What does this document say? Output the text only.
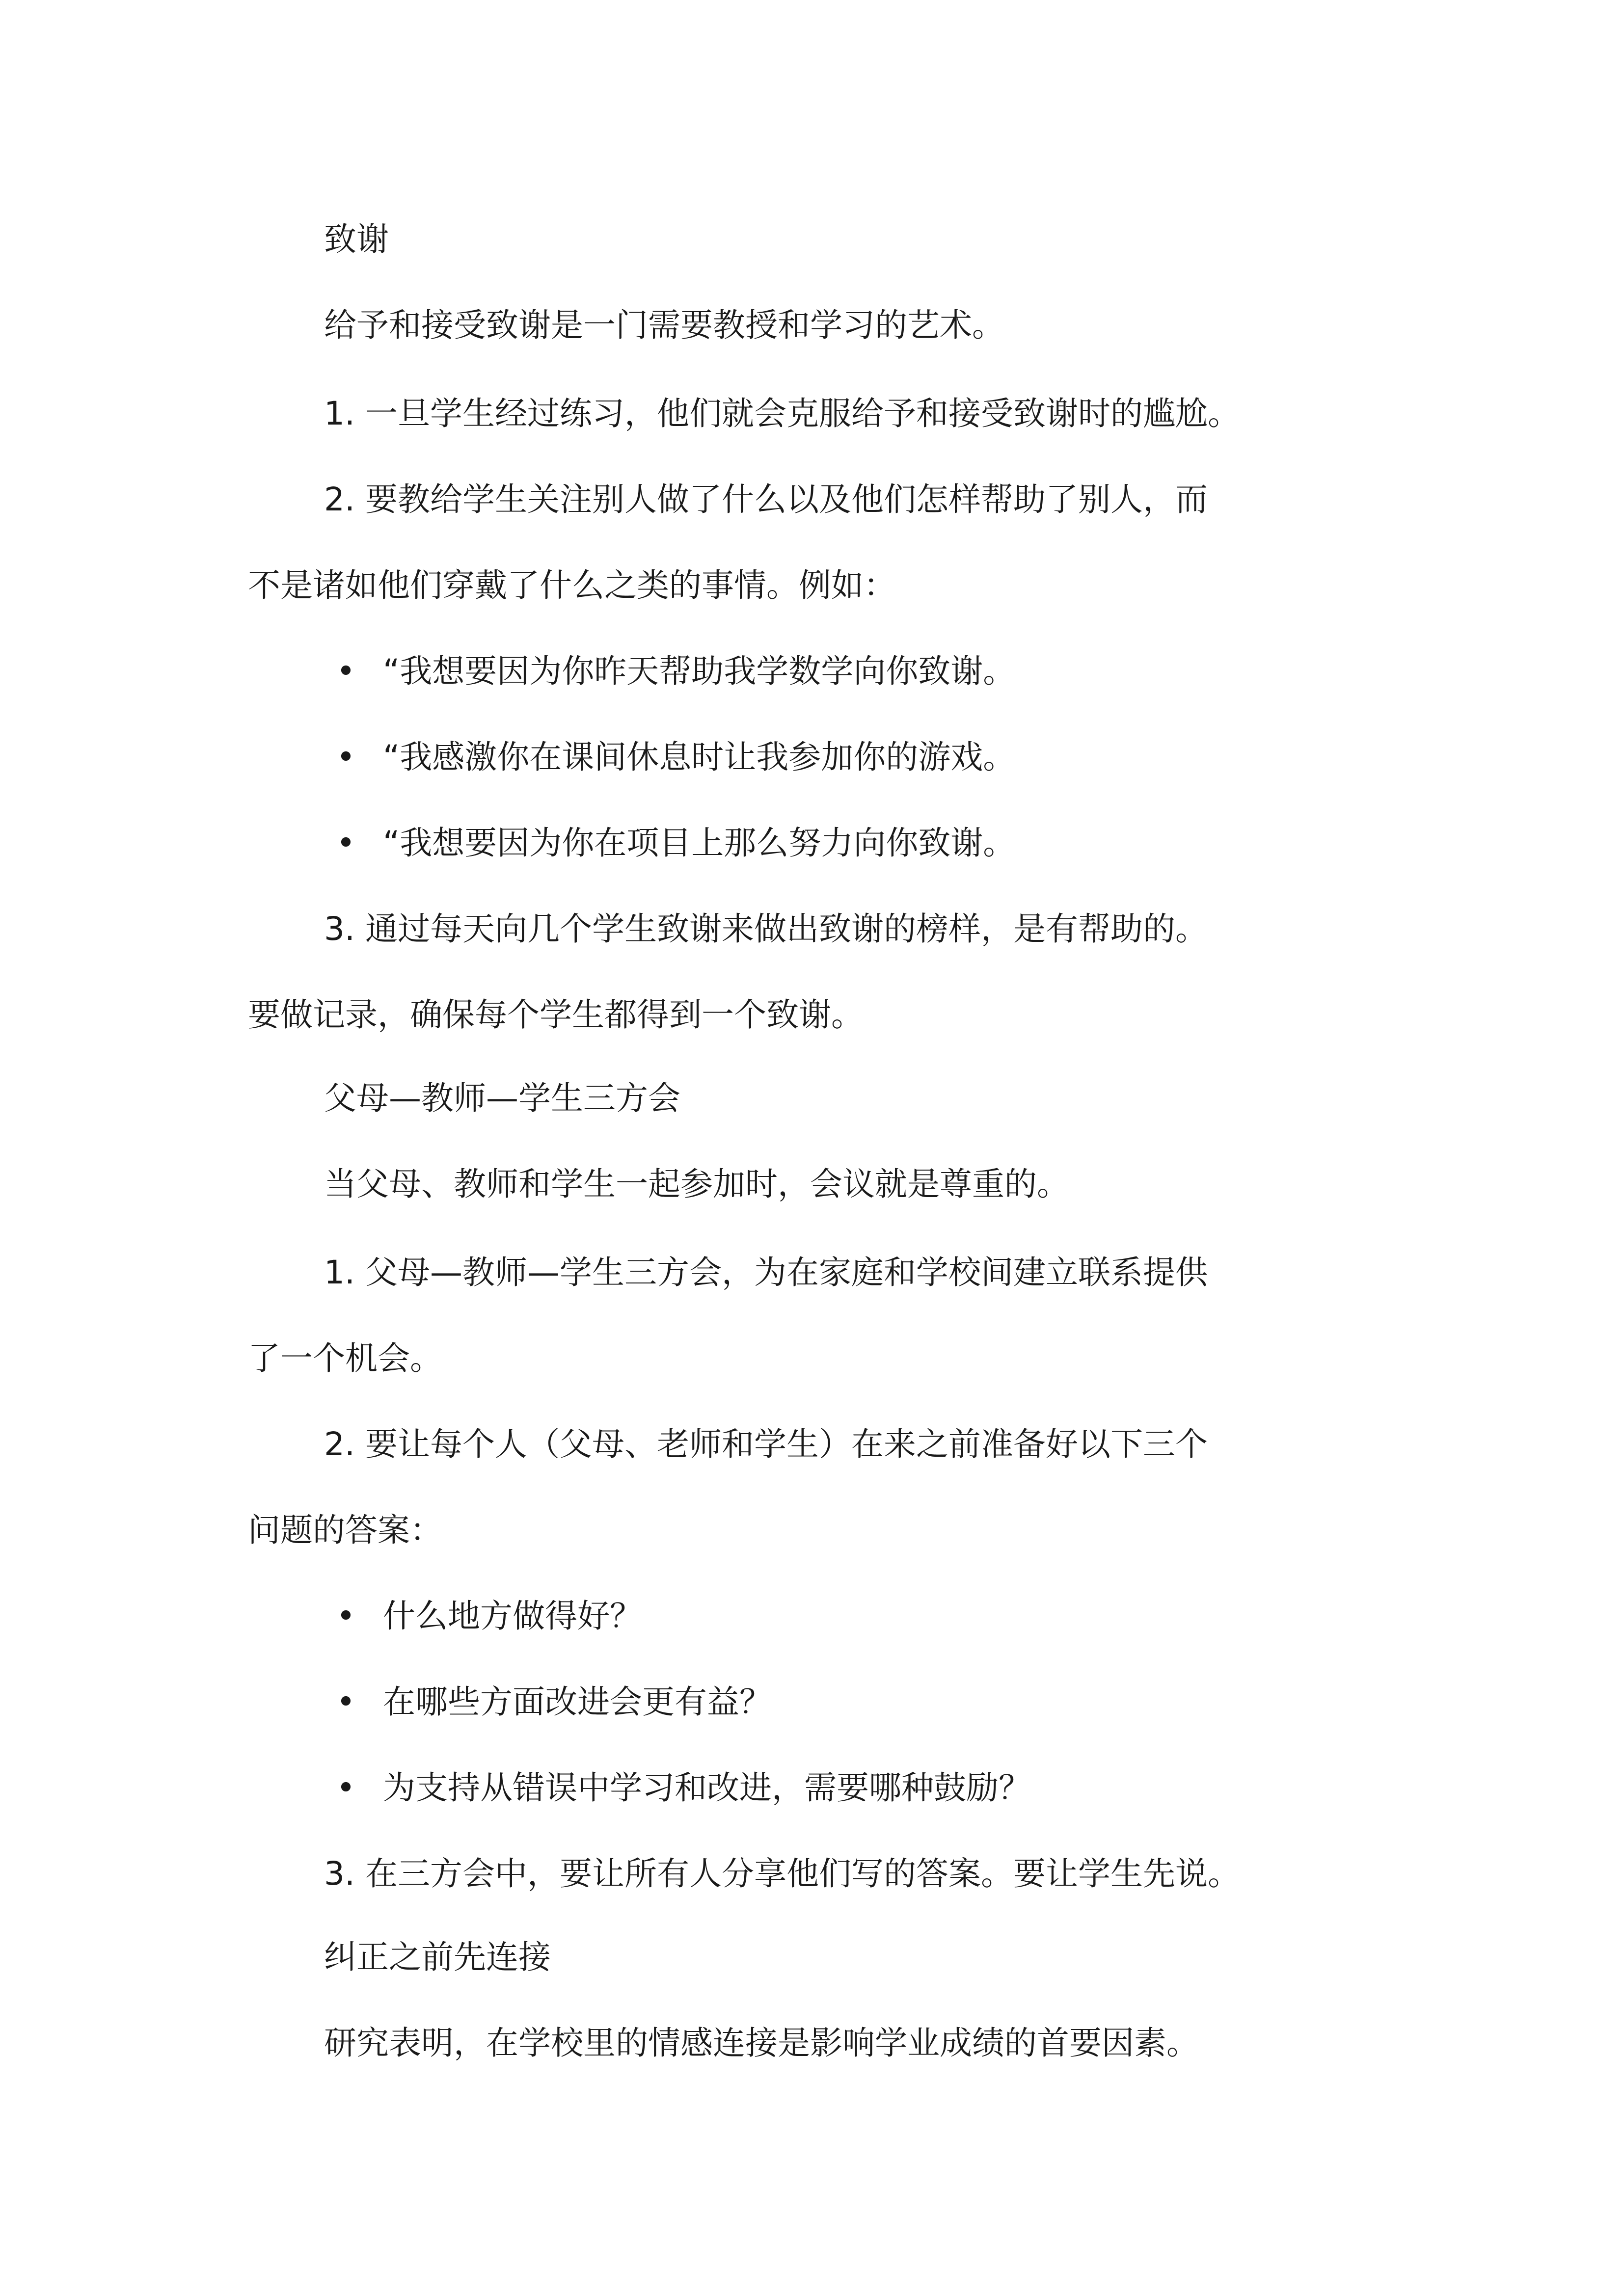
致谢
给予和接受致谢是一门需要教授和学习的艺术。
1. 一旦学生经过练习，他们就会克服给予和接受致谢时的尴尬。
2. 要教给学生关注别人做了什么以及他们怎样帮助了别人，而
不是诸如他们穿戴了什么之类的事情。例如：
• “我想要因为你昨天帮助我学数学向你致谢。
• “我感激你在课间休息时让我参加你的游戏。
• “我想要因为你在项目上那么努力向你致谢。
3. 通过每天向几个学生致谢来做出致谢的榜样，是有帮助的。
要做记录，确保每个学生都得到一个致谢。
父母—教师—学生三方会
当父母、教师和学生一起参加时，会议就是尊重的。
1. 父母—教师—学生三方会，为在家庭和学校间建立联系提供
了一个机会。
2. 要让每个人（父母、老师和学生）在来之前准备好以下三个
问题的答案：
• 什么地方做得好？
• 在哪些方面改进会更有益？
• 为支持从错误中学习和改进，需要哪种鼓励？
3. 在三方会中，要让所有人分享他们写的答案。要让学生先说。
纠正之前先连接
研究表明，在学校里的情感连接是影响学业成绩的首要因素。
